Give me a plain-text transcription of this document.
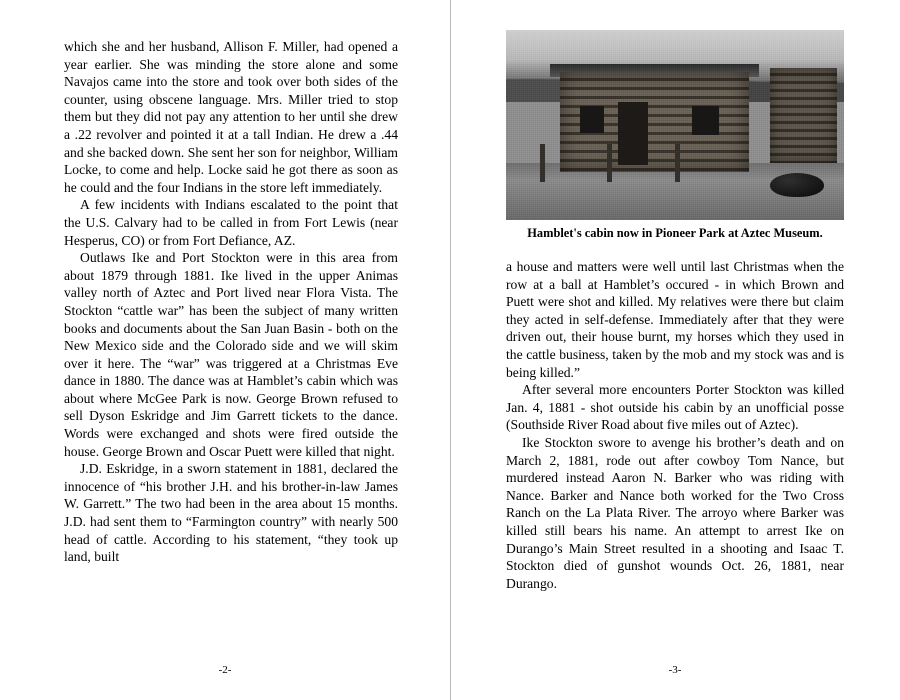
which she and her husband, Allison F. Miller, had opened a year earlier. She was minding the store alone and some Navajos came into the store and took over both sides of the counter, using obscene language. Mrs. Miller tried to stop them but they did not pay any attention to her until she drew a .22 revolver and pointed it at a tall Indian. He drew a .44 and she backed down. She sent her son for neighbor, William Locke, to come and help. Locke said he got there as soon as he could and the four Indians in the store left immediately.

A few incidents with Indians escalated to the point that the U.S. Calvary had to be called in from Fort Lewis (near Hesperus, CO) or from Fort Defiance, AZ.

Outlaws Ike and Port Stockton were in this area from about 1879 through 1881. Ike lived in the upper Animas valley north of Aztec and Port lived near Flora Vista. The Stockton “cattle war” has been the subject of many written books and documents about the San Juan Basin - both on the New Mexico side and the Colorado side and we will skim over it here. The “war” was triggered at a Christmas Eve dance in 1880. The dance was at Hamblet’s cabin which was about where McGee Park is now. George Brown refused to sell Dyson Eskridge and Jim Garrett tickets to the dance. Words were exchanged and shots were fired outside the house. George Brown and Oscar Puett were killed that night.

J.D. Eskridge, in a sworn statement in 1881, declared the innocence of “his brother J.H. and his brother-in-law James W. Garrett.” The two had been in the area about 15 months. J.D. had sent them to “Farmington country” with nearly 500 head of cattle. According to his statement, “they took up land, built

-2-
Hamblet's cabin now in Pioneer Park at Aztec Museum.

a house and matters were well until last Christmas when the row at a ball at Hamblet’s occured - in which Brown and Puett were shot and killed. My relatives were there but claim they acted in self-defense. Immediately after that they were driven out, their house burnt, my horses which they used in the cattle business, taken by the mob and my stock was and is being killed.”

After several more encounters Porter Stockton was killed Jan. 4, 1881 - shot outside his cabin by an unofficial posse (Southside River Road about five miles out of Aztec).

Ike Stockton swore to avenge his brother’s death and on March 2, 1881, rode out after cowboy Tom Nance, but murdered instead Aaron N. Barker who was riding with Nance. Barker and Nance both worked for the Two Cross Ranch on the La Plata River. The arroyo where Barker was killed still bears his name. An attempt to arrest Ike on Durango’s Main Street resulted in a shooting and Isaac T. Stockton died of gunshot wounds Oct. 26, 1881, near Durango.

-3-
